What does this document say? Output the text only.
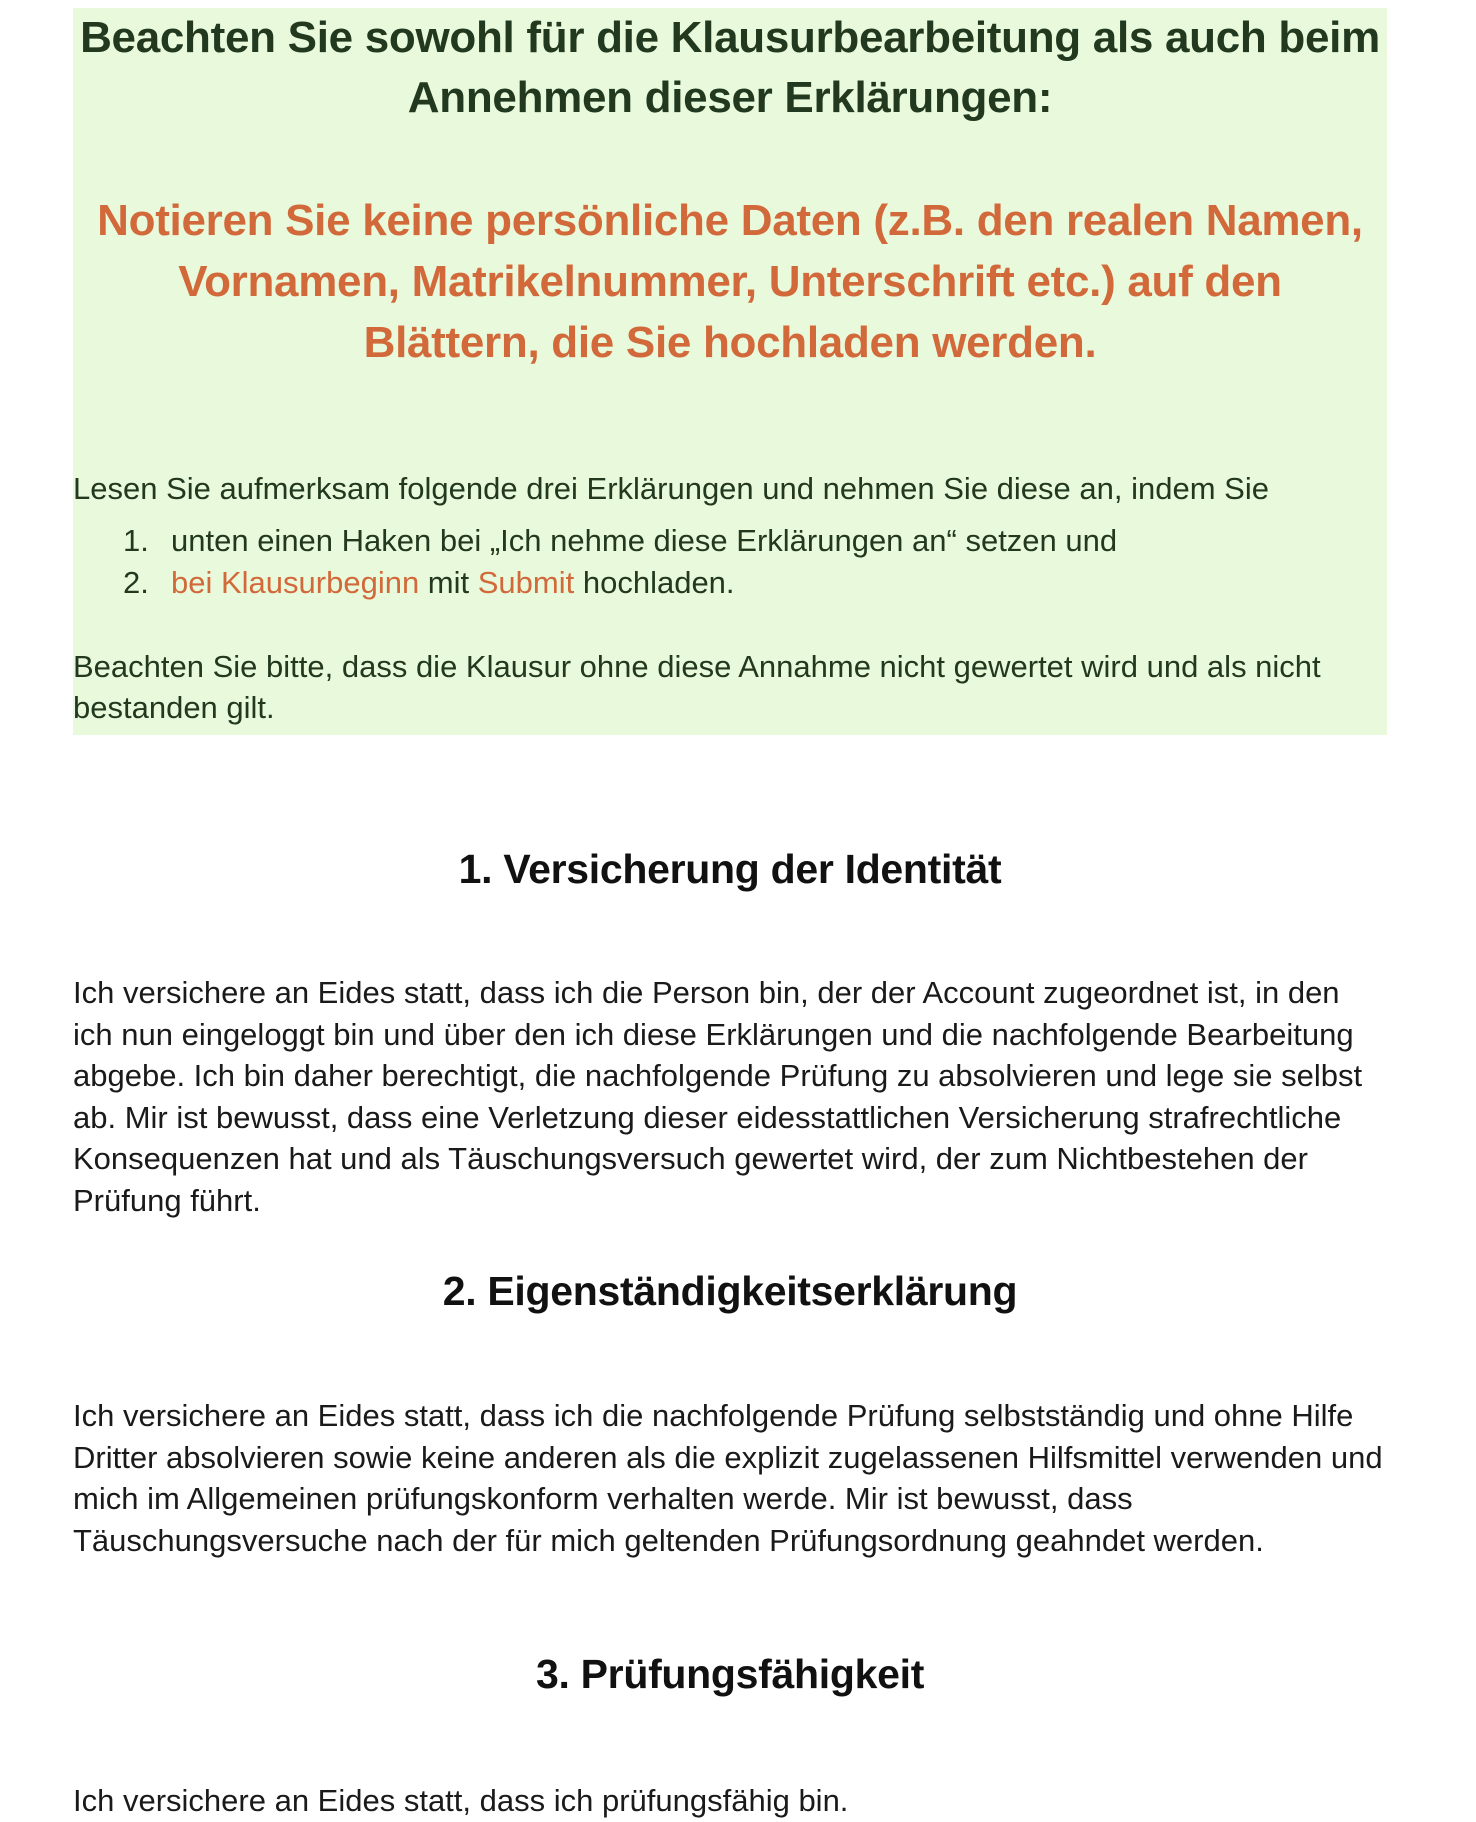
Beachten Sie sowohl für die Klausurbearbeitung als auch beim Annehmen dieser Erklärungen:

Notieren Sie keine persönliche Daten (z.B. den realen Namen, Vornamen, Matrikelnummer, Unterschrift etc.) auf den Blättern, die Sie hochladen werden.

Lesen Sie aufmerksam folgende drei Erklärungen und nehmen Sie diese an, indem Sie

1. unten einen Haken bei „Ich nehme diese Erklärungen an“ setzen und
2. bei Klausurbeginn mit Submit hochladen.

Beachten Sie bitte, dass die Klausur ohne diese Annahme nicht gewertet wird und als nicht bestanden gilt.

1. Versicherung der Identität

Ich versichere an Eides statt, dass ich die Person bin, der der Account zugeordnet ist, in den ich nun eingeloggt bin und über den ich diese Erklärungen und die nachfolgende Bearbeitung abgebe. Ich bin daher berechtigt, die nachfolgende Prüfung zu absolvieren und lege sie selbst ab. Mir ist bewusst, dass eine Verletzung dieser eidesstattlichen Versicherung strafrechtliche Konsequenzen hat und als Täuschungsversuch gewertet wird, der zum Nichtbestehen der Prüfung führt.

2. Eigenständigkeitserklärung

Ich versichere an Eides statt, dass ich die nachfolgende Prüfung selbstständig und ohne Hilfe Dritter absolvieren sowie keine anderen als die explizit zugelassenen Hilfsmittel verwenden und mich im Allgemeinen prüfungskonform verhalten werde. Mir ist bewusst, dass Täuschungsversuche nach der für mich geltenden Prüfungsordnung geahndet werden.

3. Prüfungsfähigkeit

Ich versichere an Eides statt, dass ich prüfungsfähig bin.
